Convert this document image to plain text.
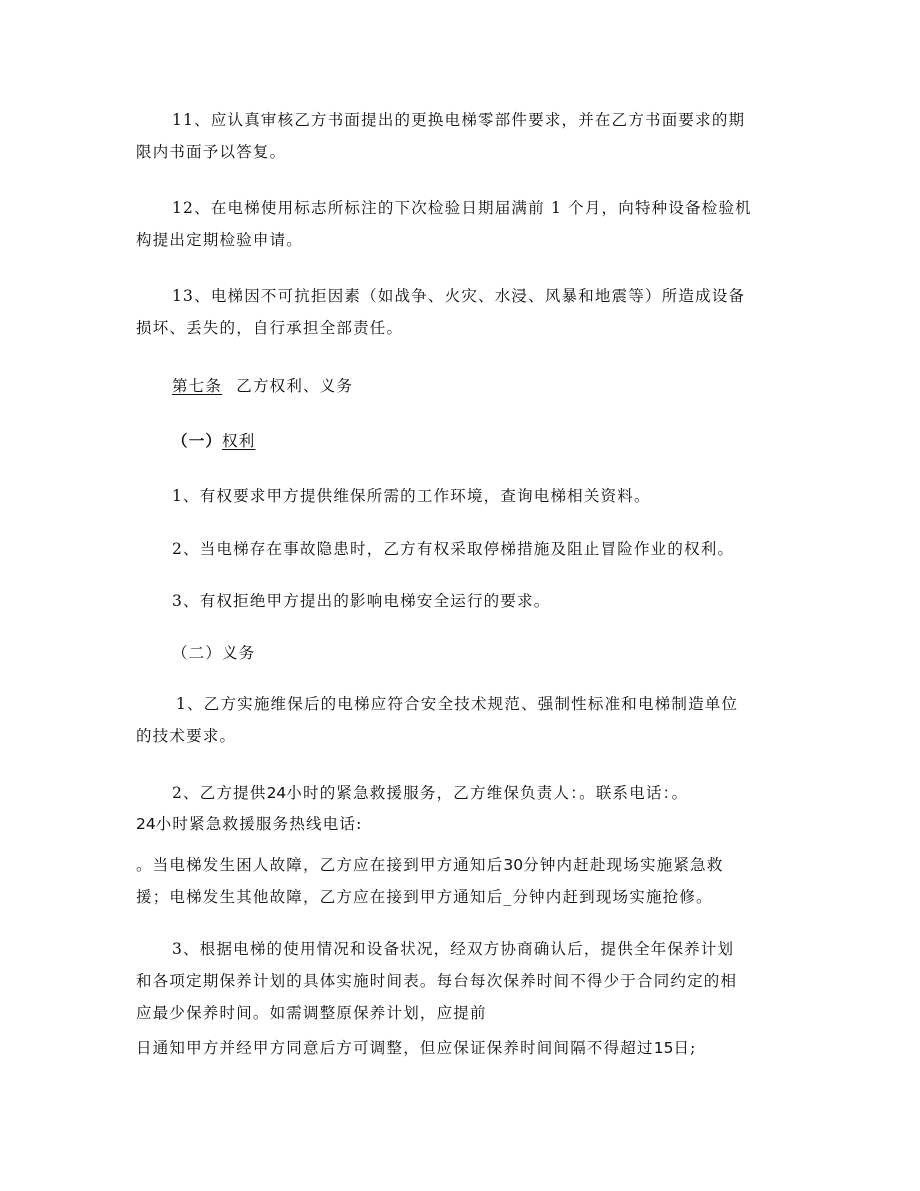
11、应认真审核乙方书面提出的更换电梯零部件要求，并在乙方书面要求的期
限内书面予以答复。

12、在电梯使用标志所标注的下次检验日期届满前 1 个月，向特种设备检验机
构提出定期检验申请。

13、电梯因不可抗拒因素（如战争、火灾、水浸、风暴和地震等）所造成设备
损坏、丢失的，自行承担全部责任。

第七条 乙方权利、义务

（一）权利

1、有权要求甲方提供维保所需的工作环境，查询电梯相关资料。

2、当电梯存在事故隐患时，乙方有权采取停梯措施及阻止冒险作业的权利。

3、有权拒绝甲方提出的影响电梯安全运行的要求。

（二）义务

1、乙方实施维保后的电梯应符合安全技术规范、强制性标准和电梯制造单位
的技术要求。

2、乙方提供24小时的紧急救援服务，乙方维保负责人：。联系电话：。

24小时紧急救援服务热线电话:

。当电梯发生困人故障，乙方应在接到甲方通知后30分钟内赶赴现场实施紧急救

援；电梯发生其他故障，乙方应在接到甲方通知后_分钟内赶到现场实施抢修。

3、根据电梯的使用情况和设备状况，经双方协商确认后，提供全年保养计划
和各项定期保养计划的具体实施时间表。每台每次保养时间不得少于合同约定的相
应最少保养时间。如需调整原保养计划，应提前

日通知甲方并经甲方同意后方可调整，但应保证保养时间间隔不得超过15日;
